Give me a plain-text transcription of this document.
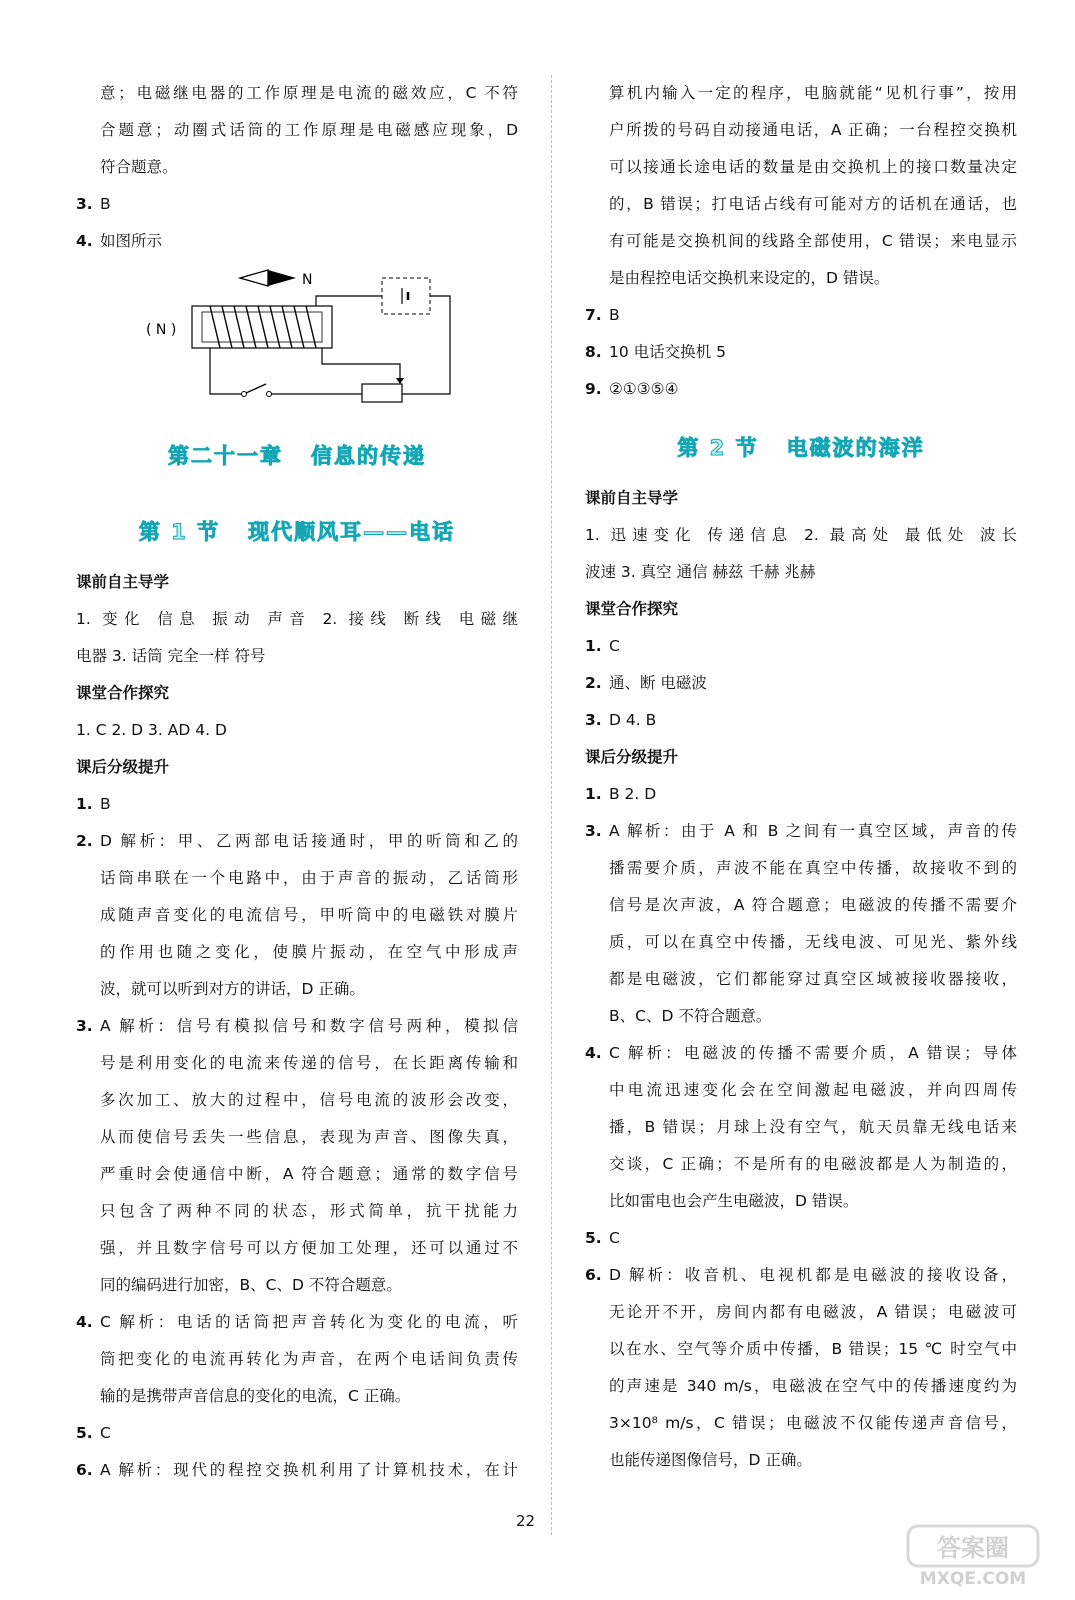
意；电磁继电器的工作原理是电流的磁效应，C 不符
合题意；动圈式话筒的工作原理是电磁感应现象，D
符合题意。
3. B
4. 如图所示
第二十一章 信息的传递
第 1 节 现代顺风耳——电话
课前自主导学
1. 变化 信息 振动 声音 2. 接线 断线 电磁继
电器 3. 话筒 完全一样 符号
课堂合作探究
1. C 2. D 3. AD 4. D
课后分级提升
1. B
2. D 解析：甲、乙两部电话接通时，甲的听筒和乙的
话筒串联在一个电路中，由于声音的振动，乙话筒形
成随声音变化的电流信号，甲听筒中的电磁铁对膜片
的作用也随之变化，使膜片振动，在空气中形成声
波，就可以听到对方的讲话，D 正确。
3. A 解析：信号有模拟信号和数字信号两种，模拟信
号是利用变化的电流来传递的信号，在长距离传输和
多次加工、放大的过程中，信号电流的波形会改变，
从而使信号丢失一些信息，表现为声音、图像失真，
严重时会使通信中断，A 符合题意；通常的数字信号
只包含了两种不同的状态，形式简单，抗干扰能力
强，并且数字信号可以方便加工处理，还可以通过不
同的编码进行加密，B、C、D 不符合题意。
4. C 解析：电话的话筒把声音转化为变化的电流，听
筒把变化的电流再转化为声音，在两个电话间负责传
输的是携带声音信息的变化的电流，C 正确。
5. C
6. A 解析：现代的程控交换机利用了计算机技术，在计
N
( N )
算机内输入一定的程序，电脑就能“见机行事”，按用
户所拨的号码自动接通电话，A 正确；一台程控交换机
可以接通长途电话的数量是由交换机上的接口数量决定
的，B 错误；打电话占线有可能对方的话机在通话，也
有可能是交换机间的线路全部使用，C 错误；来电显示
是由程控电话交换机来设定的，D 错误。
7. B
8. 10 电话交换机 5
9. ②①③⑤④
第 2 节 电磁波的海洋
课前自主导学
1. 迅速变化 传递信息 2. 最高处 最低处 波长
波速 3. 真空 通信 赫兹 千赫 兆赫
课堂合作探究
1. C
2. 通、断 电磁波
3. D 4. B
课后分级提升
1. B 2. D
3. A 解析：由于 A 和 B 之间有一真空区域，声音的传
播需要介质，声波不能在真空中传播，故接收不到的
信号是次声波，A 符合题意；电磁波的传播不需要介
质，可以在真空中传播，无线电波、可见光、紫外线
都是电磁波，它们都能穿过真空区域被接收器接收，
B、C、D 不符合题意。
4. C 解析：电磁波的传播不需要介质，A 错误；导体
中电流迅速变化会在空间激起电磁波，并向四周传
播，B 错误；月球上没有空气，航天员靠无线电话来
交谈，C 正确；不是所有的电磁波都是人为制造的，
比如雷电也会产生电磁波，D 错误。
5. C
6. D 解析：收音机、电视机都是电磁波的接收设备，
无论开不开，房间内都有电磁波，A 错误；电磁波可
以在水、空气等介质中传播，B 错误；15 ℃ 时空气中
的声速是 340 m/s，电磁波在空气中的传播速度约为
3×10⁸ m/s，C 错误；电磁波不仅能传递声音信号，
也能传递图像信号，D 正确。
22
答案圈
MXQE.COM
